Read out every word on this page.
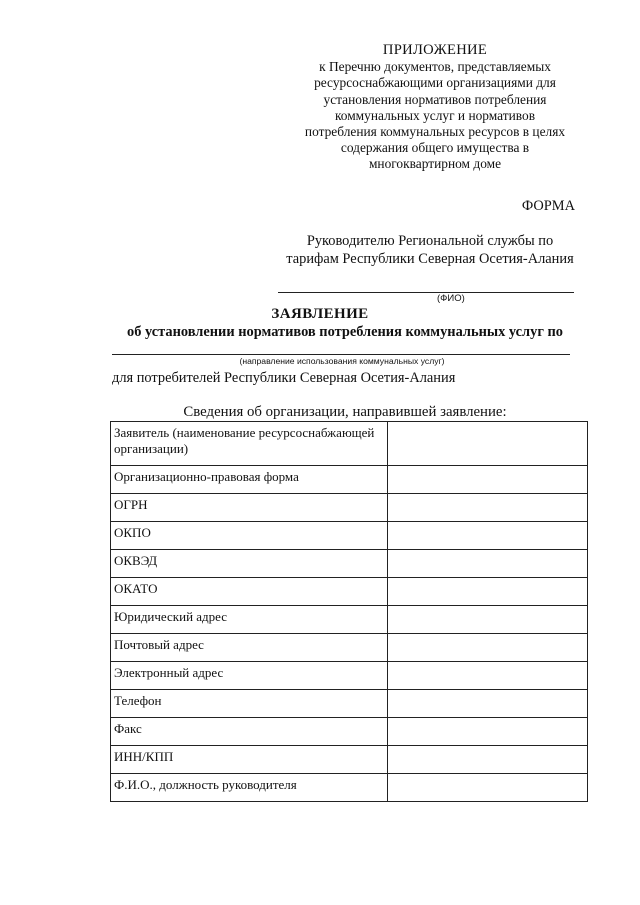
ПРИЛОЖЕНИЕ
к Перечню документов, представляемых
ресурсоснабжающими организациями для
установления нормативов потребления
коммунальных услуг и нормативов
потребления коммунальных ресурсов в целях
содержания общего имущества в
многоквартирном доме
ФОРМА
Руководителю Региональной службы по
тарифам Республики Северная Осетия-Алания
(ФИО)
ЗАЯВЛЕНИЕ
об установлении нормативов потребления коммунальных услуг по
(направление использования коммунальных услуг)
для потребителей Республики Северная Осетия-Алания
Сведения об организации, направившей заявление:
Заявитель (наименование ресурсоснабжающей организации)	
Организационно-правовая форма	
ОГРН	
ОКПО	
ОКВЭД	
ОКАТО	
Юридический адрес	
Почтовый адрес	
Электронный адрес	
Телефон	
Факс	
ИНН/КПП	
Ф.И.О., должность руководителя	
